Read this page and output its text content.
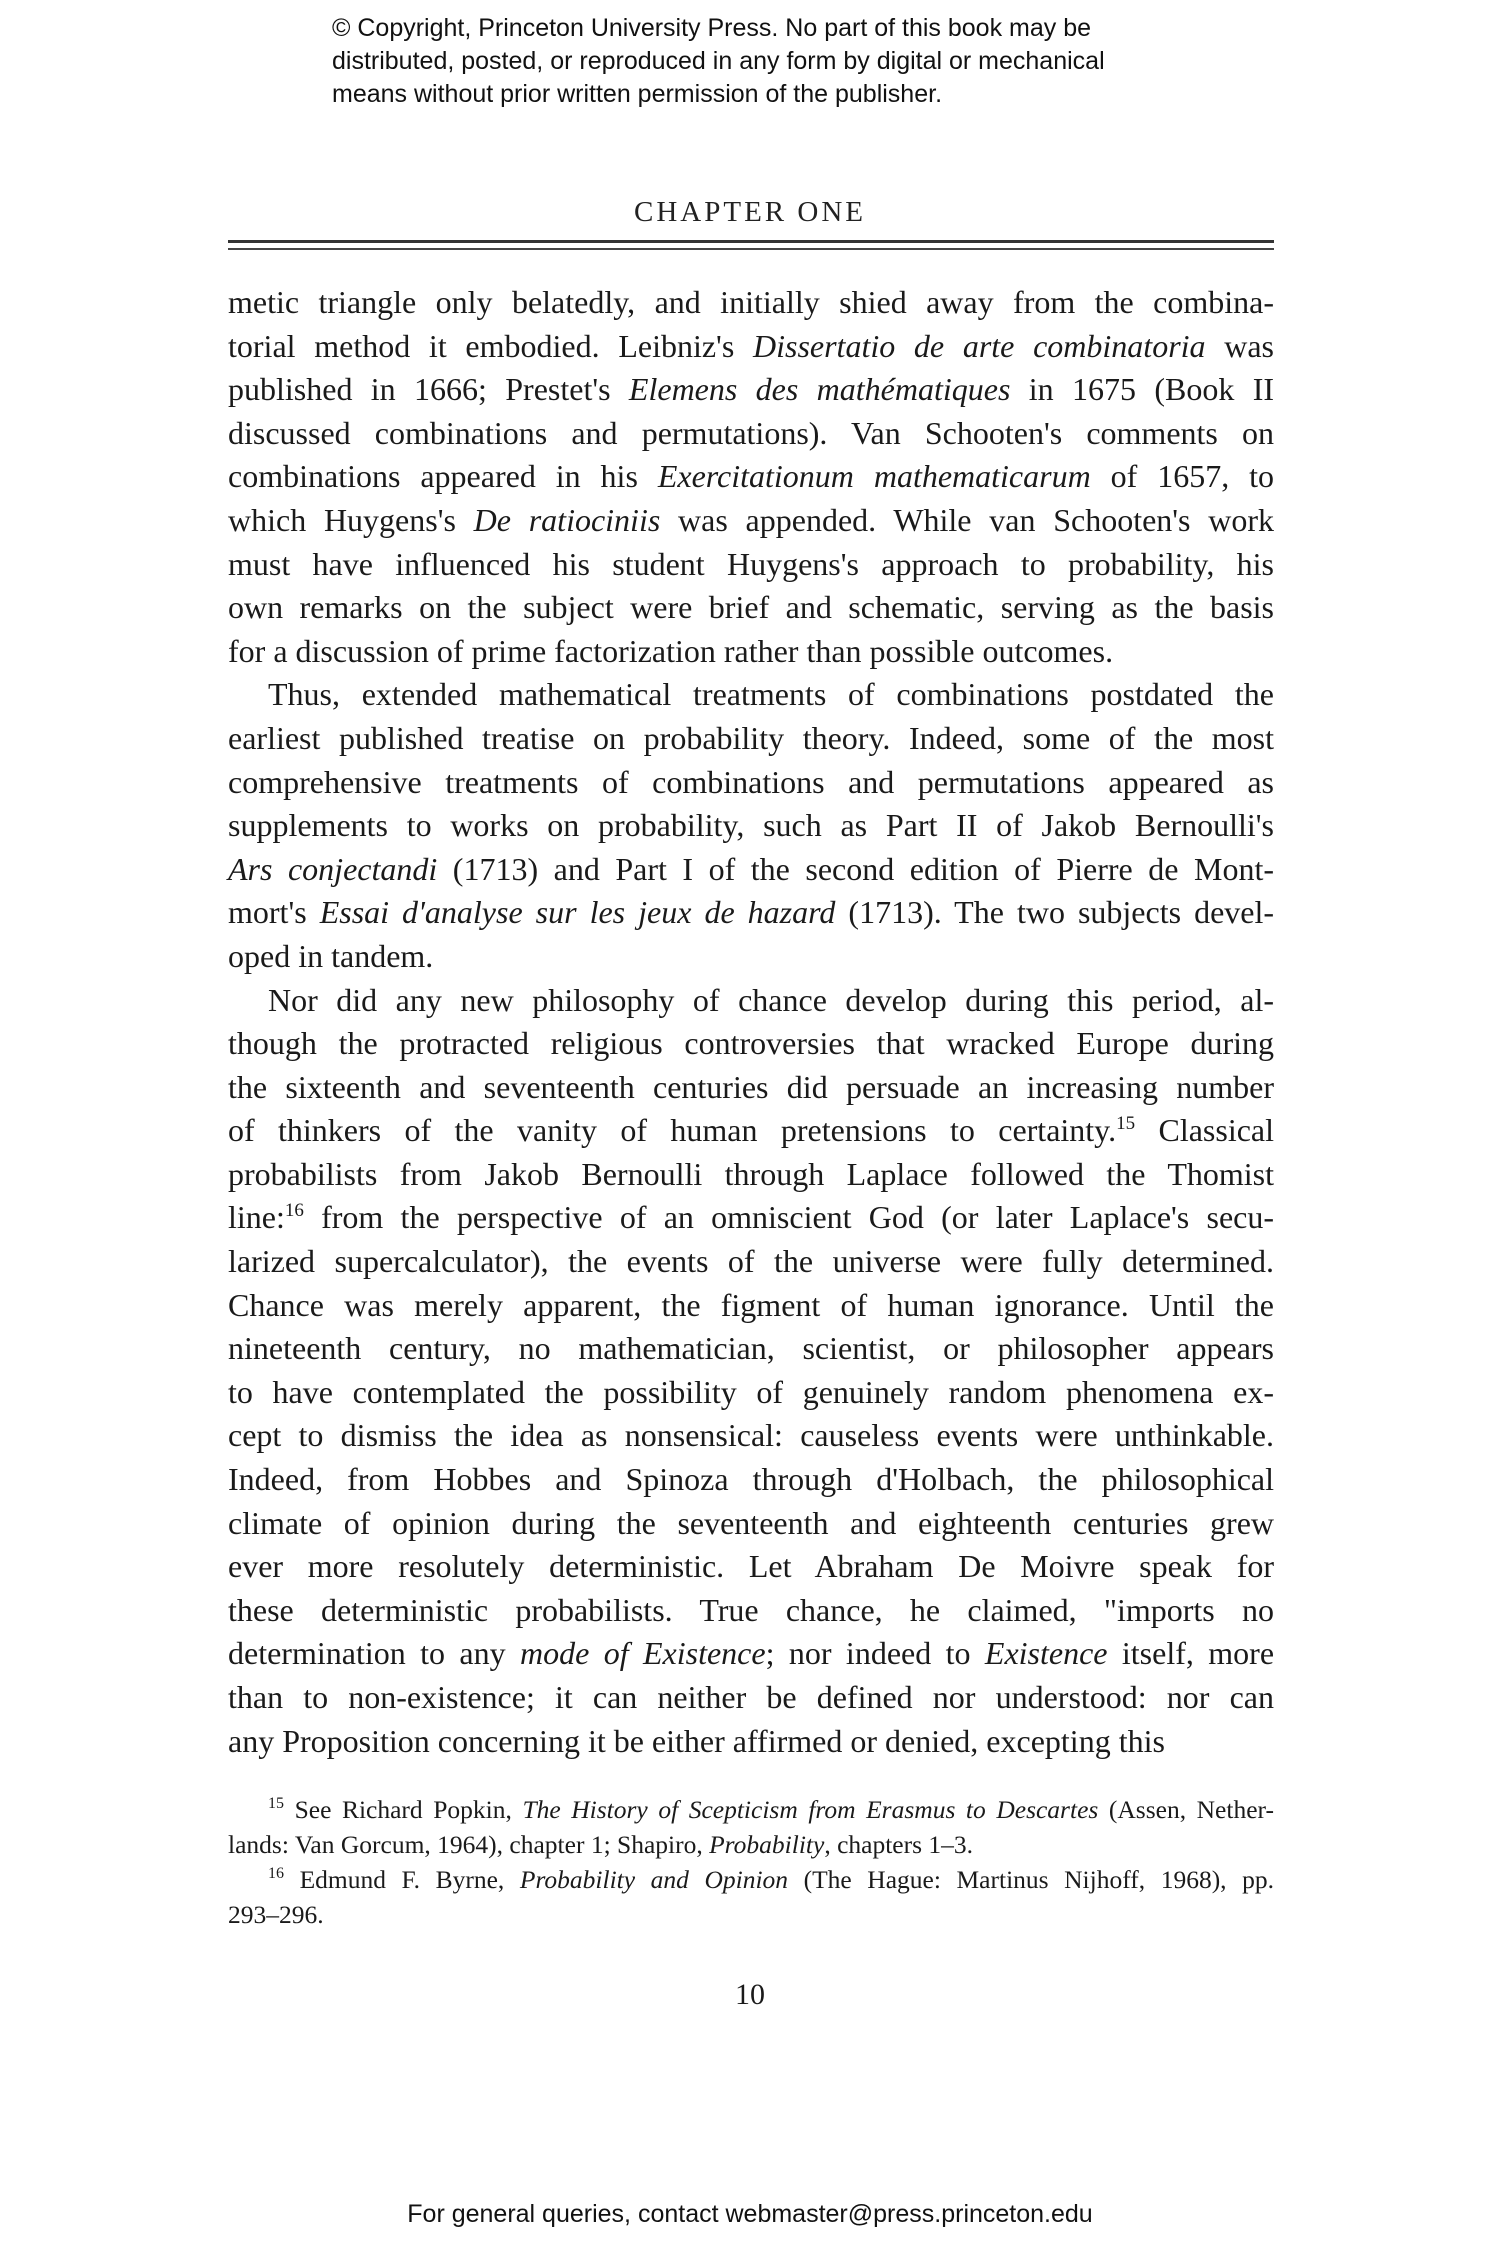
© Copyright, Princeton University Press. No part of this book may be
distributed, posted, or reproduced in any form by digital or mechanical
means without prior written permission of the publisher.
CHAPTER ONE
metic triangle only belatedly, and initially shied away from the combina-
torial method it embodied. Leibniz's Dissertatio de arte combinatoria was
published in 1666; Prestet's Elemens des mathématiques in 1675 (Book II
discussed combinations and permutations). Van Schooten's comments on
combinations appeared in his Exercitationum mathematicarum of 1657, to
which Huygens's De ratiociniis was appended. While van Schooten's work
must have influenced his student Huygens's approach to probability, his
own remarks on the subject were brief and schematic, serving as the basis
for a discussion of prime factorization rather than possible outcomes.
Thus, extended mathematical treatments of combinations postdated the
earliest published treatise on probability theory. Indeed, some of the most
comprehensive treatments of combinations and permutations appeared as
supplements to works on probability, such as Part II of Jakob Bernoulli's
Ars conjectandi (1713) and Part I of the second edition of Pierre de Mont-
mort's Essai d'analyse sur les jeux de hazard (1713). The two subjects devel-
oped in tandem.
Nor did any new philosophy of chance develop during this period, al-
though the protracted religious controversies that wracked Europe during
the sixteenth and seventeenth centuries did persuade an increasing number
of thinkers of the vanity of human pretensions to certainty.$^{15}$ Classical
probabilists from Jakob Bernoulli through Laplace followed the Thomist
line:$^{16}$ from the perspective of an omniscient God (or later Laplace's secu-
larized supercalculator), the events of the universe were fully determined.
Chance was merely apparent, the figment of human ignorance. Until the
nineteenth century, no mathematician, scientist, or philosopher appears
to have contemplated the possibility of genuinely random phenomena ex-
cept to dismiss the idea as nonsensical: causeless events were unthinkable.
Indeed, from Hobbes and Spinoza through d'Holbach, the philosophical
climate of opinion during the seventeenth and eighteenth centuries grew
ever more resolutely deterministic. Let Abraham De Moivre speak for
these deterministic probabilists. True chance, he claimed, "imports no
determination to any mode of Existence; nor indeed to Existence itself, more
than to non-existence; it can neither be defined nor understood: nor can
any Proposition concerning it be either affirmed or denied, excepting this
$^{15}$ See Richard Popkin, The History of Scepticism from Erasmus to Descartes (Assen, Nether-
lands: Van Gorcum, 1964), chapter 1; Shapiro, Probability, chapters 1–3.
$^{16}$ Edmund F. Byrne, Probability and Opinion (The Hague: Martinus Nijhoff, 1968), pp.
293–296.
10
For general queries, contact webmaster@press.princeton.edu
